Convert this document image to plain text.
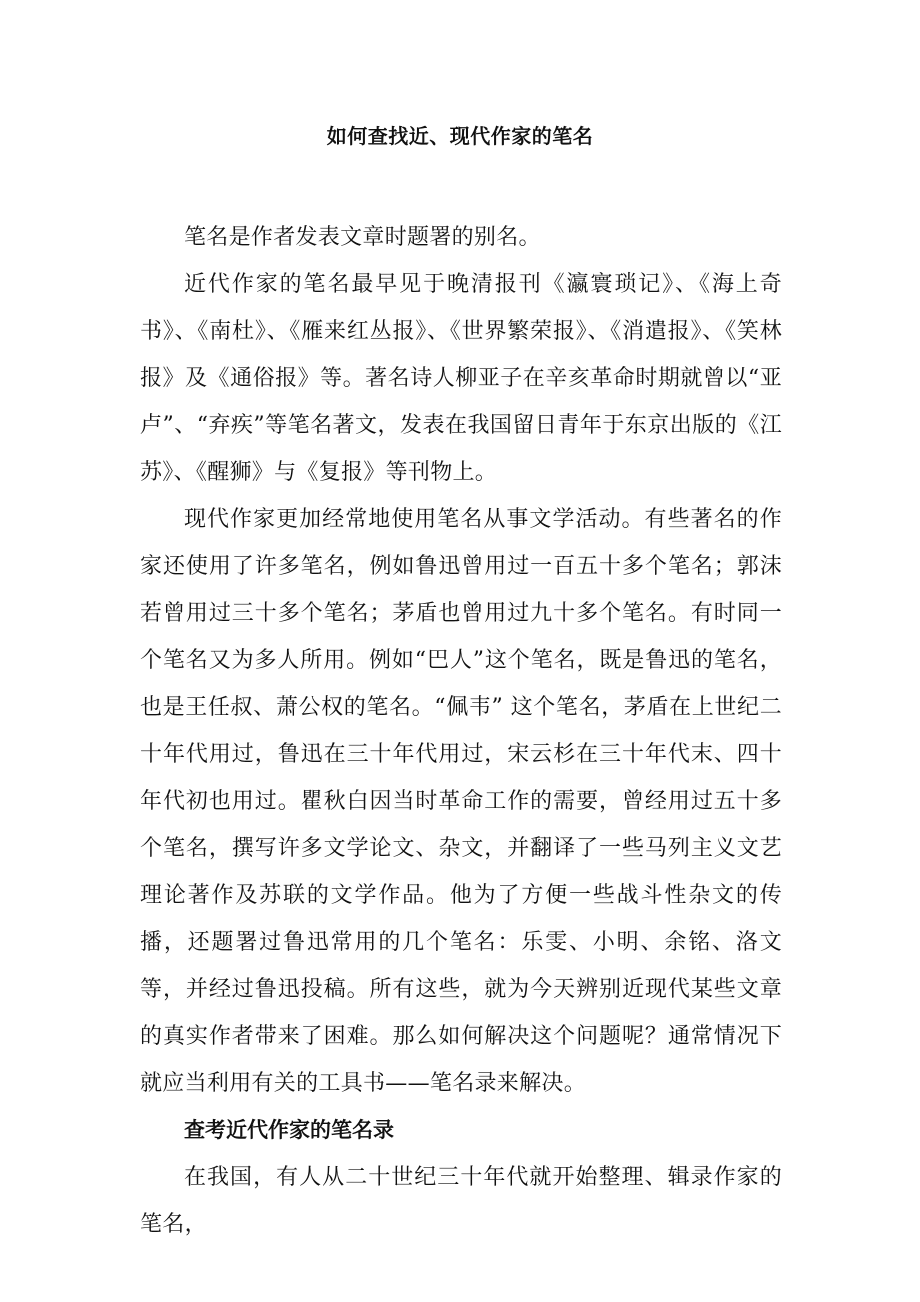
如何查找近、现代作家的笔名

笔名是作者发表文章时题署的别名。

近代作家的笔名最早见于晚清报刊《瀛寰琐记》、《海上奇书》、《南杜》、《雁来红丛报》、《世界繁荣报》、《消遣报》、《笑林报》及《通俗报》等。著名诗人柳亚子在辛亥革命时期就曾以“亚卢”、“弃疾”等笔名著文，发表在我国留日青年于东京出版的《江苏》、《醒狮》与《复报》等刊物上。

现代作家更加经常地使用笔名从事文学活动。有些著名的作家还使用了许多笔名，例如鲁迅曾用过一百五十多个笔名；郭沫若曾用过三十多个笔名；茅盾也曾用过九十多个笔名。有时同一个笔名又为多人所用。例如“巴人”这个笔名，既是鲁迅的笔名，也是王任叔、萧公权的笔名。“佩韦” 这个笔名，茅盾在上世纪二十年代用过，鲁迅在三十年代用过，宋云杉在三十年代末、四十年代初也用过。瞿秋白因当时革命工作的需要，曾经用过五十多个笔名，撰写许多文学论文、杂文，并翻译了一些马列主义文艺理论著作及苏联的文学作品。他为了方便一些战斗性杂文的传播，还题署过鲁迅常用的几个笔名：乐雯、小明、余铭、洛文等，并经过鲁迅投稿。所有这些，就为今天辨别近现代某些文章的真实作者带来了困难。那么如何解决这个问题呢？通常情况下就应当利用有关的工具书——笔名录来解决。

查考近代作家的笔名录

在我国，有人从二十世纪三十年代就开始整理、辑录作家的笔名，
